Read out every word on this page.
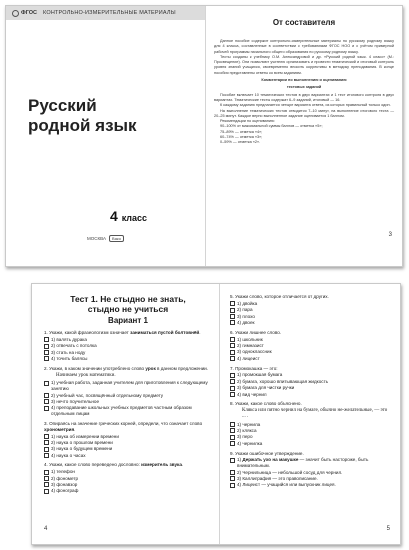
ФГОС КОНТРОЛЬНО-ИЗМЕРИТЕЛЬНЫЕ МАТЕРИАЛЫ
Русский
родной язык
4 класс
МОСКВА	Вако
От составителя

Данное пособие содержит контрольно-измерительные материалы по русскому родному языку для 4 класса, составленные в соответствии с требованиями ФГОС НОО и с учётом примерной рабочей программы начального общего образования по русскому родному языку.

Тесты созданы к учебнику О.М. Александровой и др. «Русский родной язык. 4 класс» (М.: Просвещение). Они позволяют учителю организовать и провести тематический и итоговый контроль уровня знаний учащихся, своевременно вносить коррективы в методику преподавания. В конце пособия представлены ответы ко всем заданиям.

Комментарии по выполнению и оцениванию

тестовых заданий

Пособие включает 10 тематических тестов в двух вариантах и 1 тест итогового контроля в двух вариантах. Тематические тесты содержат 6–9 заданий, итоговый — 16.

К каждому заданию предлагается четыре варианта ответа, из которых правильный только один.

На выполнение тематических тестов отводится 7–10 минут, на выполнение итогового теста — 20–25 минут. Каждое верно выполненное задание оценивается 1 баллом.

Рекомендации по оцениванию:

90–100% от максимальной суммы баллов — отметка «5»;

75–89% — отметка «4»;

60–74% — отметка «3»;

0–59% — отметка «2».

3
Тест 1. Не стыдно не знать,
стыдно не учиться
Вариант 1
1. Укажи, какой фразеологизм означает заниматься пустой болтовнёй.
1) валять дурака
2) отвечать с потолка
3) стать на ноду
4) точить балясы
2. Укажи, в каком значении употреблено слово урок в данном предложении.
Начинаем урок математики.
1) учебная работа, заданная учителем для приготовления к следующему занятию
2) учебный час, посвящённый отдельному предмету
3) нечто поучительное
4) преподавание школьных учебных предметов частным образом отдельным лицам
3. Опираясь на значение греческих корней, определи, что означает слово хронометрия.
1) наука об измерении времени
2) наука о прошлом времени
3) наука о будущем времени
4) наука о часах
4. Укажи, какое слово переведено дословно: измеритель звука.
1) телефон
2) фонометр
3) фонавзор
4) фонограф
5. Укажи слово, которое отличается от других.
1) двойка
2) пара
3) плохо
4) двоек
6. Укажи лишнее слово.
1) школьник
2) гимназист
3) одноклассник
4) лицеист
7. Промокашка — это:
1) промокшая бумага
2) бумага, хорошо впитывающая жидкость
3) бумага для чистки ручки
4) вид чернил
8. Укажи, какое слово объяснено.
Клякса или пятно чернил на бумаге, обычно не-желательные, — это ... .
1) чернила
2) клякса
3) перо
4) чернилка
9. Укажи ошибочное утверждение.
1) Держать ухо на макушке — значит быть настороже, быть внимательным.
2) Чернильница — небольшой сосуд для чернил.
3) Каллиграфия — это правописание.
4) Лицеист — учащийся или выпускник лицея.
4	5
